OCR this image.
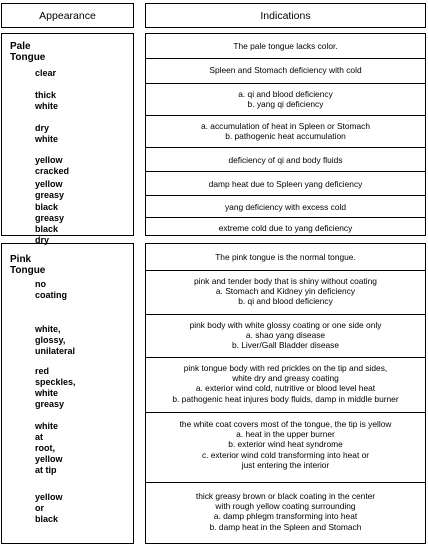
Appearance	Indications
Pale Tongue
The pale tongue lacks color.
clear	Spleen and Stomach deficiency with cold
thick white
a. qi and blood deficiency
b. yang qi deficiency
dry white
a. accumulation of heat in Spleen or Stomach
b. pathogenic heat accumulation
yellow cracked
deficiency of qi and body fluids
yellow greasy
damp heat due to Spleen yang deficiency
black greasy
yang deficiency with excess cold
black dry
extreme cold due to yang deficiency
Pink Tongue
The pink tongue is the normal tongue.
no coating
pink and tender body that is shiny without coating
a. Stomach and Kidney yin deficiency
b. qi and blood deficiency
white, glossy,
unilateral
pink body with white glossy coating or one side only
a. shao yang disease
b. Liver/Gall Bladder disease
red speckles,
white greasy
pink tongue body with red prickles on the tip and sides,
white dry and greasy coating
a. exterior wind cold, nutritive or blood level heat
b. pathogenic heat injures body fluids, damp in middle burner
white at root,
yellow at tip
the white coat covers most of the tongue, the tip is yellow
a. heat in the upper burner
b. exterior wind heat syndrome
c. exterior wind cold transforming into heat or
just entering the interior
yellow or black
thick greasy brown or black coating in the center
with rough yellow coating surrounding
a. damp phlegm transforming into heat
b. damp heat in the Spleen and Stomach
